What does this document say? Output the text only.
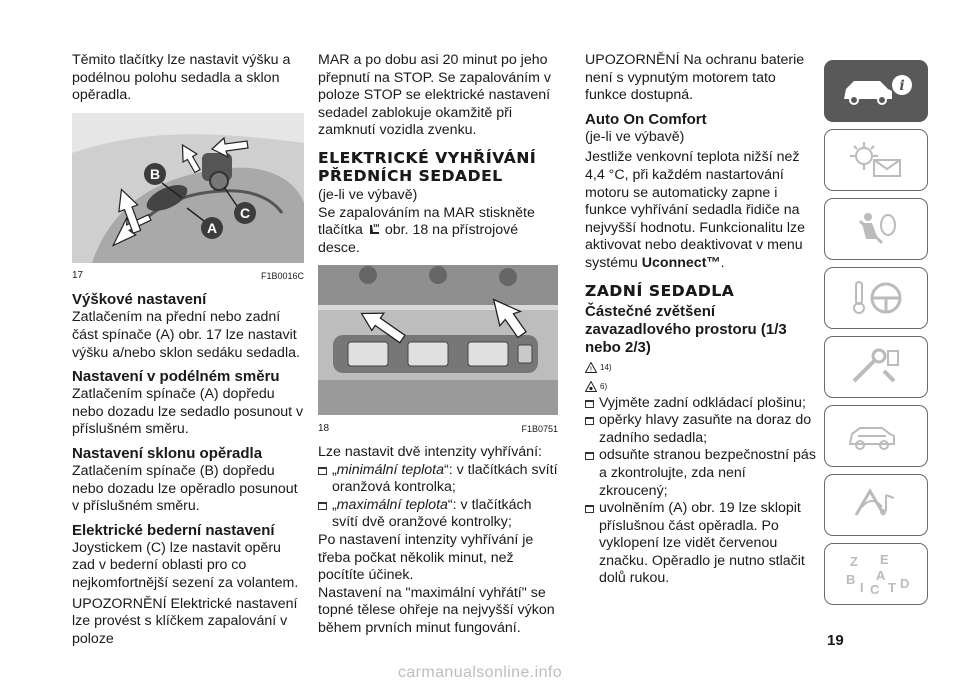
Těmito tlačítky lze nastavit výšku a podélnou polohu sedadla a sklon opěradla.

B
A
C
17	F1B0016C
Výškové nastavení

Zatlačením na přední nebo zadní část spínače (A) obr. 17 lze nastavit výšku a/nebo sklon sedáku sedadla.

Nastavení v podélném směru

Zatlačením spínače (A) dopředu nebo dozadu lze sedadlo posunout v příslušném směru.

Nastavení sklonu opěradla

Zatlačením spínače (B) dopředu nebo dozadu lze opěradlo posunout v příslušném směru.

Elektrické bederní nastavení

Joystickem (C) lze nastavit opěru zad v bederní oblasti pro co nejkomfortnější sezení za volantem.

UPOZORNĚNÍ Elektrické nastavení lze provést s klíčkem zapalování v poloze

MAR a po dobu asi 20 minut po jeho přepnutí na STOP. Se zapalováním v poloze STOP se elektrické nastavení sedadel zablokuje okamžitě při zamknutí vozidla zvenku.

ELEKTRICKÉ VYHŘÍVÁNÍ PŘEDNÍCH SEDADEL

(je-li ve výbavě)

Se zapalováním na MAR stiskněte tlačítka obr. 18 na přístrojové desce.

18	F1B0751

Lze nastavit dvě intenzity vyhřívání:

„minimální teplota“: v tlačítkách svítí oranžová kontrolka;

„maximální teplota“: v tlačítkách svítí dvě oranžové kontrolky;

Po nastavení intenzity vyhřívání je třeba počkat několik minut, než pocítíte účinek.

Nastavení na "maximální vyhřátí" se topné tělese ohřeje na nejvyšší výkon během prvních minut fungování.

UPOZORNĚNÍ Na ochranu baterie není s vypnutým motorem tato funkce dostupná.

Auto On Comfort

(je-li ve výbavě)

Jestliže venkovní teplota nižší než 4,4 °C, při každém nastartování motoru se automaticky zapne i funkce vyhřívání sedadla řidiče na nejvyšší hodnotu. Funkcionalitu lze aktivovat nebo deaktivovat v menu systému Uconnect™.

ZADNÍ SEDADLA
Částečné zvětšení zavazadlového prostoru (1/3 nebo 2/3)
! 14)
6)

Vyjměte zadní odkládací plošinu;

opěrky hlavy zasuňte na doraz do zadního sedadla;

odsuňte stranou bezpečnostní pás a zkontrolujte, zda není zkroucený;

uvolněním (A) obr. 19 lze sklopit příslušnou část opěradla. Po vyklopení lze vidět červenou značku. Opěradlo je nutno stlačit dolů rukou.

i
Z E
B A
I C T D
19
carmanualsonline.info
